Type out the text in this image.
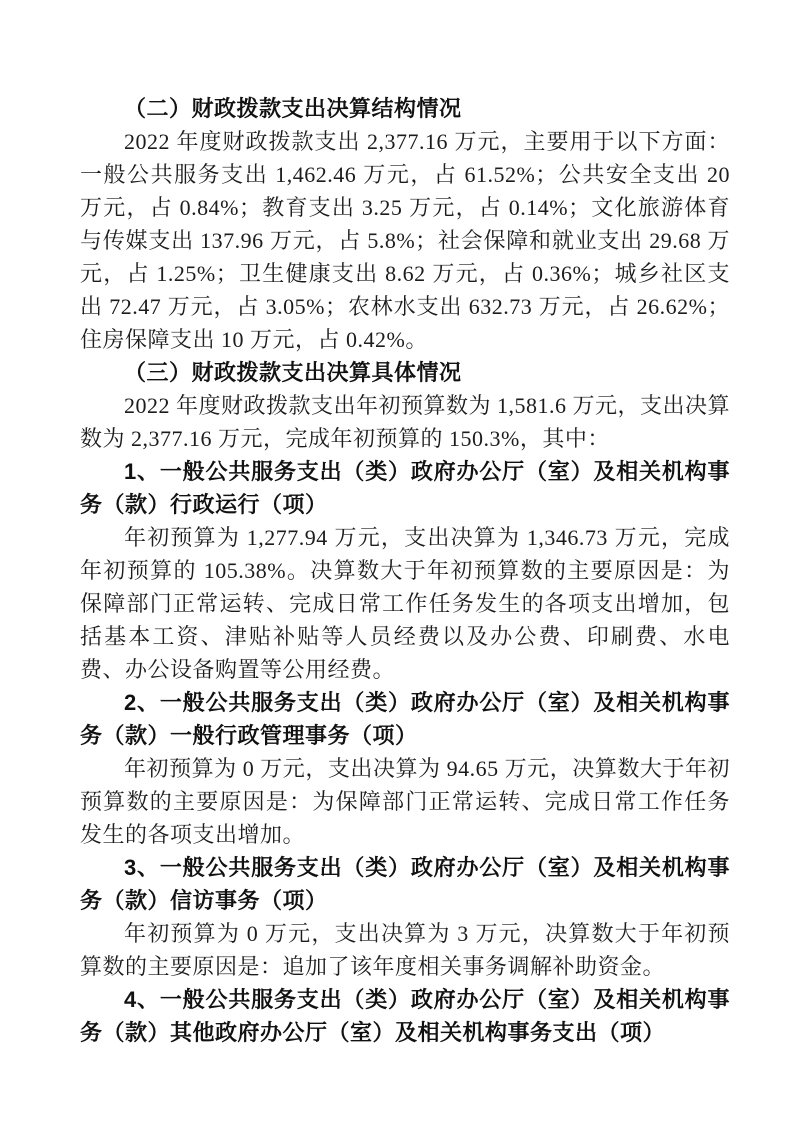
（二）财政拨款支出决算结构情况

2022 年度财政拨款支出 2,377.16 万元，主要用于以下方面：一般公共服务支出 1,462.46 万元，占 61.52%；公共安全支出 20 万元，占 0.84%；教育支出 3.25 万元，占 0.14%；文化旅游体育与传媒支出 137.96 万元，占 5.8%；社会保障和就业支出 29.68 万元，占 1.25%；卫生健康支出 8.62 万元，占 0.36%；城乡社区支出 72.47 万元，占 3.05%；农林水支出 632.73 万元，占 26.62%；住房保障支出 10 万元，占 0.42%。

（三）财政拨款支出决算具体情况

2022 年度财政拨款支出年初预算数为 1,581.6 万元，支出决算数为 2,377.16 万元，完成年初预算的 150.3%，其中：

1、一般公共服务支出（类）政府办公厅（室）及相关机构事务（款）行政运行（项）

年初预算为 1,277.94 万元，支出决算为 1,346.73 万元，完成年初预算的 105.38%。决算数大于年初预算数的主要原因是：为保障部门正常运转、完成日常工作任务发生的各项支出增加，包括基本工资、津贴补贴等人员经费以及办公费、印刷费、水电费、办公设备购置等公用经费。

2、一般公共服务支出（类）政府办公厅（室）及相关机构事务（款）一般行政管理事务（项）

年初预算为 0 万元，支出决算为 94.65 万元，决算数大于年初预算数的主要原因是：为保障部门正常运转、完成日常工作任务发生的各项支出增加。

3、一般公共服务支出（类）政府办公厅（室）及相关机构事务（款）信访事务（项）

年初预算为 0 万元，支出决算为 3 万元，决算数大于年初预算数的主要原因是：追加了该年度相关事务调解补助资金。

4、一般公共服务支出（类）政府办公厅（室）及相关机构事务（款）其他政府办公厅（室）及相关机构事务支出（项）
